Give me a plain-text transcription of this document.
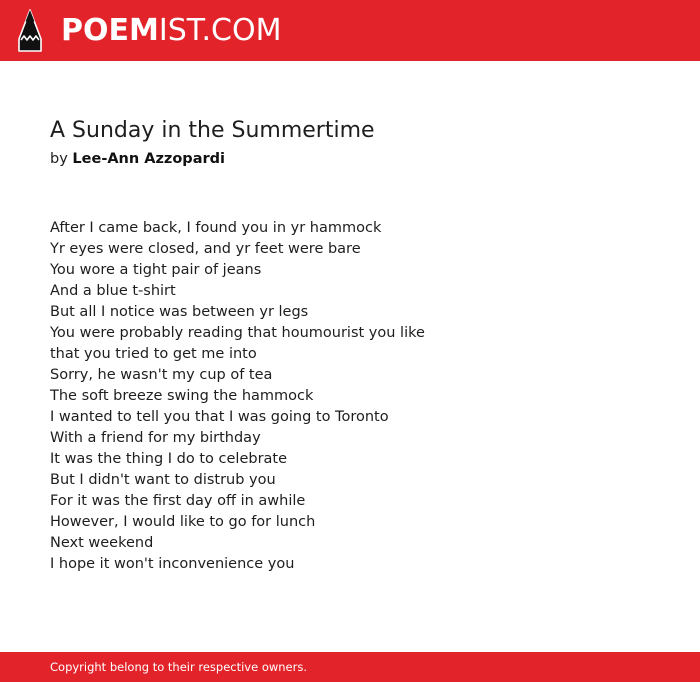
POEMIST.COM
A Sunday in the Summertime
by Lee-Ann Azzopardi
After I came back, I found you in yr hammock
Yr eyes were closed, and yr feet were bare
You wore a tight pair of jeans
And a blue t-shirt
But all I notice was between yr legs
You were probably reading that houmourist you like
that you tried to get me into
Sorry, he wasn't my cup of tea
The soft breeze swing the hammock
I wanted to tell you that I was going to Toronto
With a friend for my birthday
It was the thing I do to celebrate
But I didn't want to distrub you
For it was the first day off in awhile
However, I would like to go for lunch
Next weekend
I hope it won't inconvenience you
Copyright belong to their respective owners.
